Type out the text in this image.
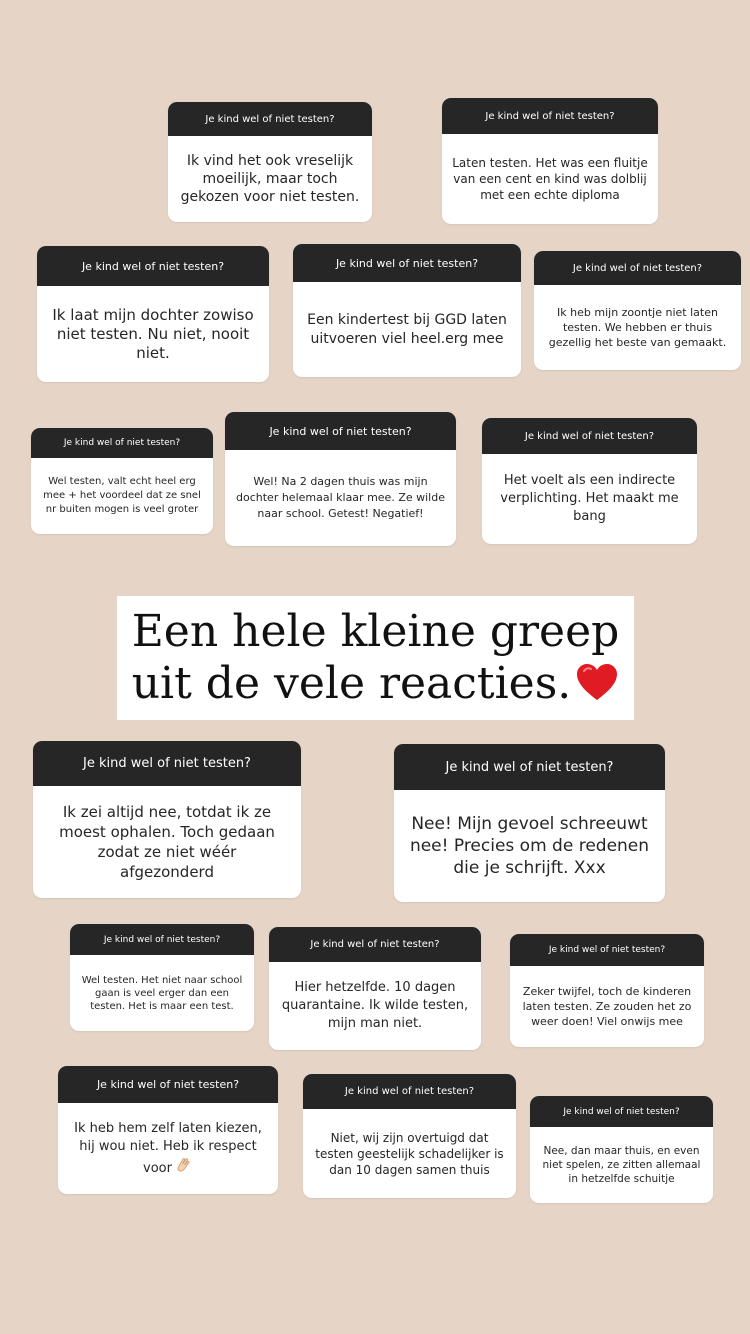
Je kind wel of niet testen?
Ik vind het ook vreselijk moeilijk, maar toch gekozen voor niet testen.
Je kind wel of niet testen?
Laten testen. Het was een fluitje van een cent en kind was dolblij met een echte diploma
Je kind wel of niet testen?
Ik laat mijn dochter zowiso niet testen. Nu niet, nooit niet.
Je kind wel of niet testen?
Een kindertest bij GGD laten uitvoeren viel heel.erg mee
Je kind wel of niet testen?
Ik heb mijn zoontje niet laten testen. We hebben er thuis gezellig het beste van gemaakt.
Je kind wel of niet testen?
Wel testen, valt echt heel erg mee + het voordeel dat ze snel nr buiten mogen is veel groter
Je kind wel of niet testen?
Wel! Na 2 dagen thuis was mijn dochter helemaal klaar mee. Ze wilde naar school. Getest! Negatief!
Je kind wel of niet testen?
Het voelt als een indirecte verplichting. Het maakt me bang
Een hele kleine greep
uit de vele reacties.
Je kind wel of niet testen?
Ik zei altijd nee, totdat ik ze moest ophalen. Toch gedaan zodat ze niet wéér afgezonderd
Je kind wel of niet testen?
Nee! Mijn gevoel schreeuwt nee! Precies om de redenen die je schrijft. Xxx
Je kind wel of niet testen?
Wel testen. Het niet naar school gaan is veel erger dan een testen. Het is maar een test.
Je kind wel of niet testen?
Hier hetzelfde. 10 dagen quarantaine. Ik wilde testen, mijn man niet.
Je kind wel of niet testen?
Zeker twijfel, toch de kinderen laten testen. Ze zouden het zo weer doen! Viel onwijs mee
Je kind wel of niet testen?
Ik heb hem zelf laten kiezen, hij wou niet. Heb ik respect voor
Je kind wel of niet testen?
Niet, wij zijn overtuigd dat testen geestelijk schadelijker is dan 10 dagen samen thuis
Je kind wel of niet testen?
Nee, dan maar thuis, en even niet spelen, ze zitten allemaal in hetzelfde schuitje
